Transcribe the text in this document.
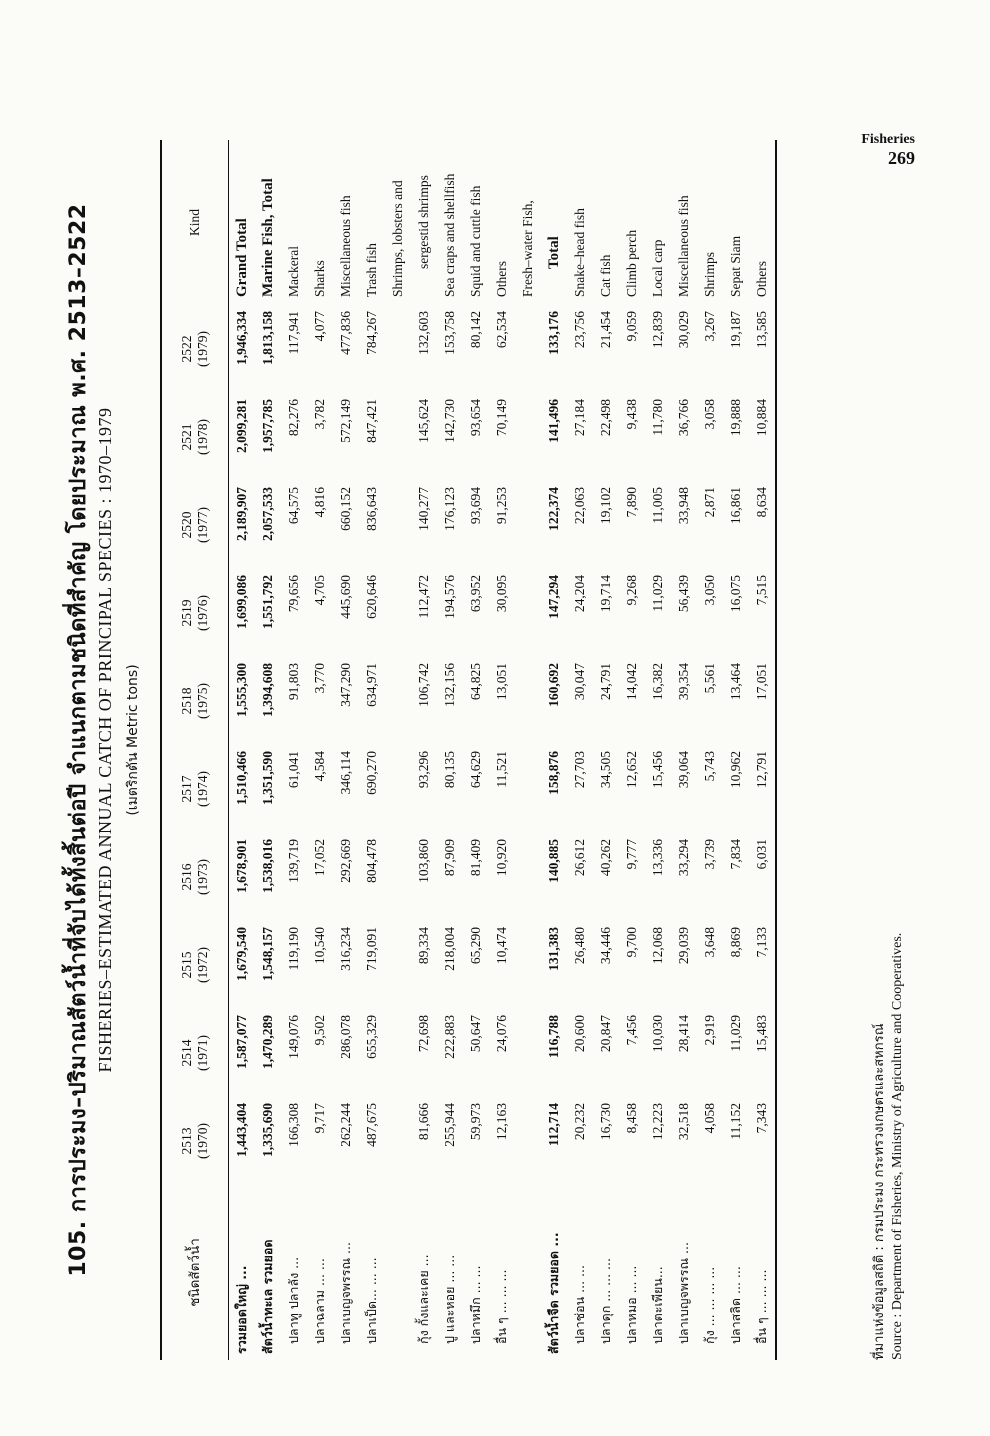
Fisheries
269
105. การประมง–ปริมาณสัตว์น้ำที่จับได้ทั้งสิ้นต่อปี จำแนกตามชนิดที่สำคัญ โดยประมาณ พ.ศ. 2513–2522 FISHERIES–ESTIMATED ANNUAL CATCH OF PRINCIPAL SPECIES : 1970–1979 (เมตริกตัน Metric tons)
ชนิดสัตว์น้ำ	2513 (1970)	2514 (1971)	2515 (1972)	2516 (1973)	2517 (1974)	2518 (1975)	2519 (1976)	2520 (1977)	2521 (1978)	2522 (1979)	Kind
รวมยอดใหญ่ ...	1,443,404	1,587,077	1,679,540	1,678,901	1,510,466	1,555,300	1,699,086	2,189,907	2,099,281	1,946,334	Grand Total
สัตว์น้ำทะเล รวมยอด	1,335,690	1,470,289	1,548,157	1,538,016	1,351,590	1,394,608	1,551,792	2,057,533	1,957,785	1,813,158	Marine Fish, Total
ปลาทู ปลาลัง ...	166,308	149,076	119,190	139,719	61,041	91,803	79,656	64,575	82,276	117,941	Mackeral
ปลาฉลาม ... ...	9,717	9,502	10,540	17,052	4,584	3,770	4,705	4,816	3,782	4,077	Sharks
ปลาเบญจพรรณ ...	262,244	286,078	316,234	292,669	346,114	347,290	445,690	660,152	572,149	477,836	Miscellaneous fish
ปลาเป็ด... ... ...	487,675	655,329	719,091	804,478	690,270	634,971	620,646	836,643	847,421	784,267	Trash fish
											Shrimps, lobsters and
กุ้ง กั้งและเคย ...	81,666	72,698	89,334	103,860	93,296	106,742	112,472	140,277	145,624	132,603	sergestid shrimps
ปู และหอย ... ...	255,944	222,883	218,004	87,909	80,135	132,156	194,576	176,123	142,730	153,758	Sea craps and shellfish
ปลาหมึก ... ...	59,973	50,647	65,290	81,409	64,629	64,825	63,952	93,694	93,654	80,142	Squid and cuttle fish
อื่น ๆ ... ... ...	12,163	24,076	10,474	10,920	11,521	13,051	30,095	91,253	70,149	62,534	Others
											Fresh–water Fish,
สัตว์น้ำจืด รวมยอด ...	112,714	116,788	131,383	140,885	158,876	160,692	147,294	122,374	141,496	133,176	Total
ปลาช่อน ... ...	20,232	20,600	26,480	26,612	27,703	30,047	24,204	22,063	27,184	23,756	Snake–head fish
ปลาดุก ... ... ...	16,730	20,847	34,446	40,262	34,505	24,791	19,714	19,102	22,498	21,454	Cat fish
ปลาหมอ ... ...	8,458	7,456	9,700	9,777	12,652	14,042	9,268	7,890	9,438	9,059	Climb perch
ปลาตะเพียน...	12,223	10,030	12,068	13,336	15,456	16,382	11,029	11,005	11,780	12,839	Local carp
ปลาเบญจพรรณ ...	32,518	28,414	29,039	33,294	39,064	39,354	56,439	33,948	36,766	30,029	Miscellaneous fish
กุ้ง ... ... ... ...	4,058	2,919	3,648	3,739	5,743	5,561	3,050	2,871	3,058	3,267	Shrimps
ปลาสลิด ... ...	11,152	11,029	8,869	7,834	10,962	13,464	16,075	16,861	19,888	19,187	Sepat Siam
อื่น ๆ ... ... ...	7,343	15,483	7,133	6,031	12,791	17,051	7,515	8,634	10,884	13,585	Others
ที่มาแห่งข้อมูลสถิติ : กรมประมง กระทรวงเกษตรและสหกรณ์ Source : Department of Fisheries, Ministry of Agriculture and Cooperatives.
